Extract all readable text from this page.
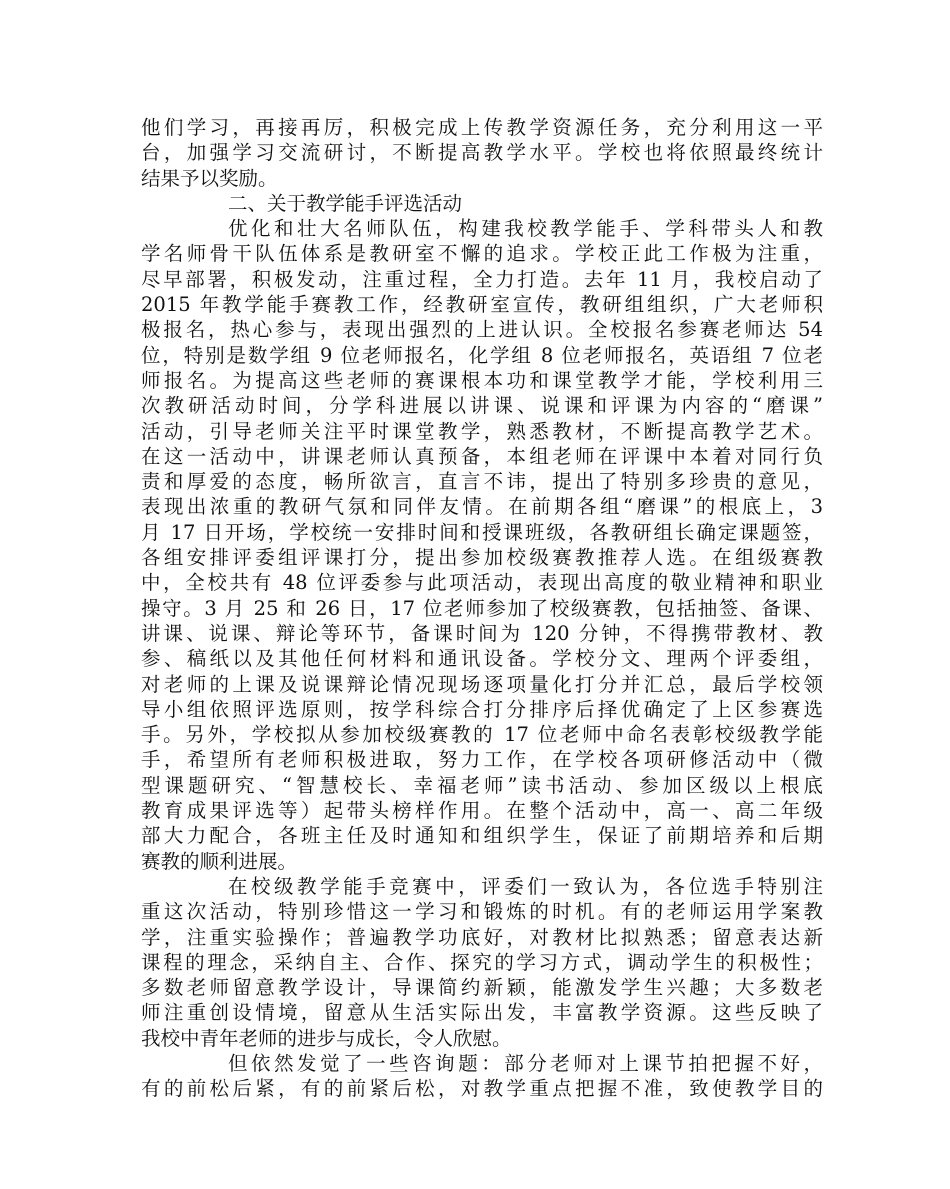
他们学习，再接再厉，积极完成上传教学资源任务，充分利用这一平
台，加强学习交流研讨，不断提高教学水平。学校也将依照最终统计
结果予以奖励。
二、关于教学能手评选活动
优化和壮大名师队伍，构建我校教学能手、学科带头人和教
学名师骨干队伍体系是教研室不懈的追求。学校正此工作极为注重，
尽早部署，积极发动，注重过程，全力打造。去年 11 月，我校启动了
2015 年教学能手赛教工作，经教研室宣传，教研组组织，广大老师积
极报名，热心参与，表现出强烈的上进认识。全校报名参赛老师达 54
位，特别是数学组 9 位老师报名，化学组 8 位老师报名，英语组 7 位老
师报名。为提高这些老师的赛课根本功和课堂教学才能，学校利用三
次教研活动时间，分学科进展以讲课、说课和评课为内容的“磨课”
活动，引导老师关注平时课堂教学，熟悉教材，不断提高教学艺术。
在这一活动中，讲课老师认真预备，本组老师在评课中本着对同行负
责和厚爱的态度，畅所欲言，直言不讳，提出了特别多珍贵的意见，
表现出浓重的教研气氛和同伴友情。在前期各组“磨课”的根底上，3
月 17 日开场，学校统一安排时间和授课班级，各教研组长确定课题签，
各组安排评委组评课打分，提出参加校级赛教推荐人选。在组级赛教
中，全校共有 48 位评委参与此项活动，表现出高度的敬业精神和职业
操守。3 月 25 和 26 日，17 位老师参加了校级赛教，包括抽签、备课、
讲课、说课、辩论等环节，备课时间为 120 分钟，不得携带教材、教
参、稿纸以及其他任何材料和通讯设备。学校分文、理两个评委组，
对老师的上课及说课辩论情况现场逐项量化打分并汇总，最后学校领
导小组依照评选原则，按学科综合打分排序后择优确定了上区参赛选
手。另外，学校拟从参加校级赛教的 17 位老师中命名表彰校级教学能
手，希望所有老师积极进取，努力工作，在学校各项研修活动中（微
型课题研究、“智慧校长、幸福老师”读书活动、参加区级以上根底
教育成果评选等）起带头榜样作用。在整个活动中，高一、高二年级
部大力配合，各班主任及时通知和组织学生，保证了前期培养和后期
赛教的顺利进展。
在校级教学能手竞赛中，评委们一致认为，各位选手特别注
重这次活动，特别珍惜这一学习和锻炼的时机。有的老师运用学案教
学，注重实验操作；普遍教学功底好，对教材比拟熟悉；留意表达新
课程的理念，采纳自主、合作、探究的学习方式，调动学生的积极性；
多数老师留意教学设计，导课简约新颖，能激发学生兴趣；大多数老
师注重创设情境，留意从生活实际出发，丰富教学资源。这些反映了
我校中青年老师的进步与成长，令人欣慰。
但依然发觉了一些咨询题：部分老师对上课节拍把握不好，
有的前松后紧，有的前紧后松，对教学重点把握不准，致使教学目的
